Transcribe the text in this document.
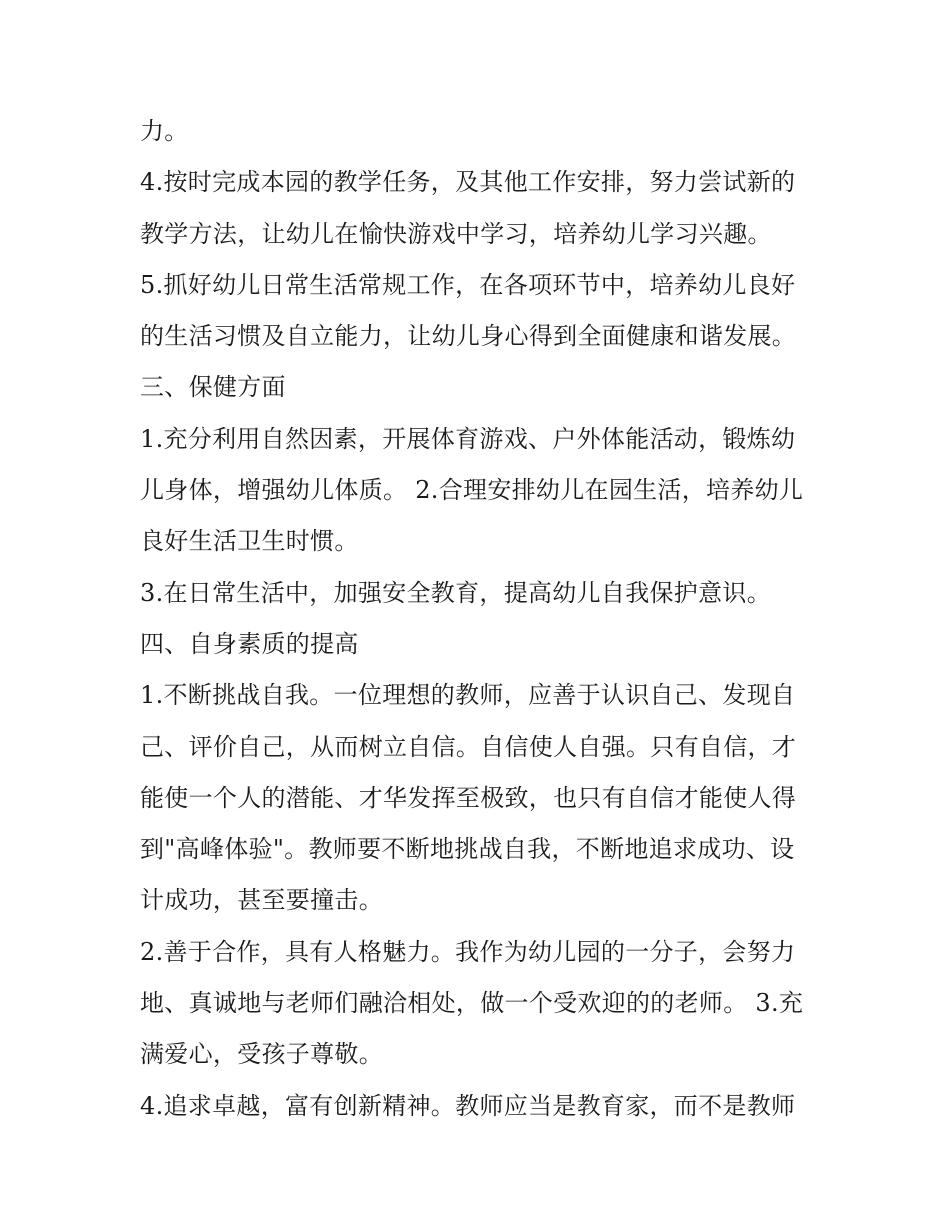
力。
4.按时完成本园的教学任务，及其他工作安排，努力尝试新的
教学方法，让幼儿在愉快游戏中学习，培养幼儿学习兴趣。
5.抓好幼儿日常生活常规工作，在各项环节中，培养幼儿良好
的生活习惯及自立能力，让幼儿身心得到全面健康和谐发展。
三、保健方面
1.充分利用自然因素，开展体育游戏、户外体能活动，锻炼幼
儿身体，增强幼儿体质。 2.合理安排幼儿在园生活，培养幼儿
良好生活卫生时惯。
3.在日常生活中，加强安全教育，提高幼儿自我保护意识。
四、自身素质的提高
1.不断挑战自我。一位理想的教师，应善于认识自己、发现自
己、评价自己，从而树立自信。自信使人自强。只有自信，才
能使一个人的潜能、才华发挥至极致，也只有自信才能使人得
到"高峰体验"。教师要不断地挑战自我，不断地追求成功、设
计成功，甚至要撞击。
2.善于合作，具有人格魅力。我作为幼儿园的一分子，会努力
地、真诚地与老师们融洽相处，做一个受欢迎的的老师。 3.充
满爱心，受孩子尊敬。
4.追求卓越，富有创新精神。教师应当是教育家，而不是教师
